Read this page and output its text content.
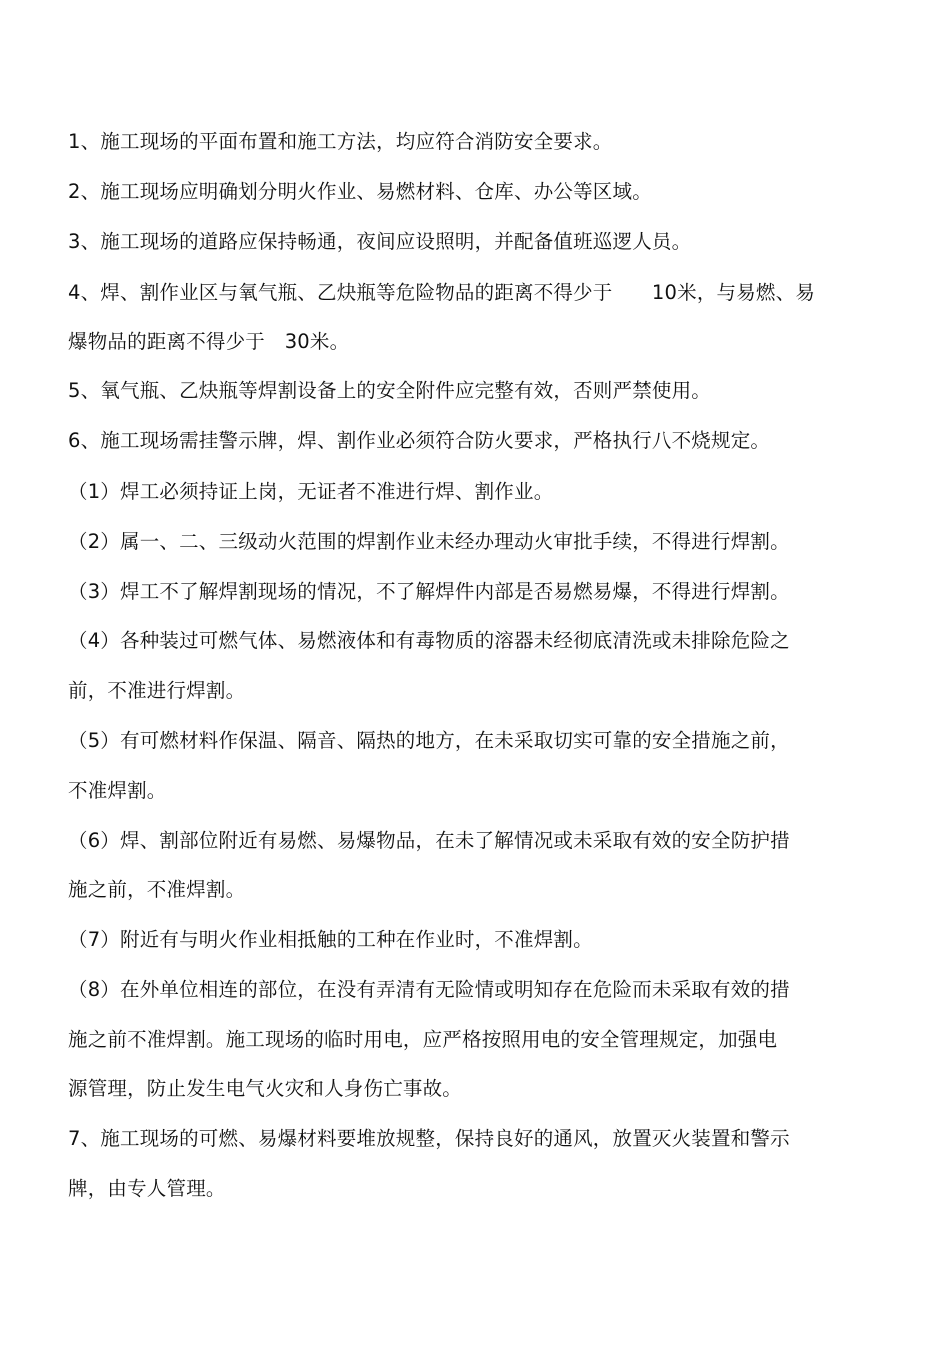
1、施工现场的平面布置和施工方法，均应符合消防安全要求。
2、施工现场应明确划分明火作业、易燃材料、仓库、办公等区域。
3、施工现场的道路应保持畅通，夜间应设照明，并配备值班巡逻人员。
4、焊、割作业区与氧气瓶、乙炔瓶等危险物品的距离不得少于　　10米，与易燃、易
爆物品的距离不得少于　30米。
5、氧气瓶、乙炔瓶等焊割设备上的安全附件应完整有效，否则严禁使用。
6、施工现场需挂警示牌，焊、割作业必须符合防火要求，严格执行八不烧规定。
（1）焊工必须持证上岗，无证者不准进行焊、割作业。
（2）属一、二、三级动火范围的焊割作业未经办理动火审批手续，不得进行焊割。
（3）焊工不了解焊割现场的情况，不了解焊件内部是否易燃易爆，不得进行焊割。
（4）各种装过可燃气体、易燃液体和有毒物质的溶器未经彻底清洗或未排除危险之
前，不准进行焊割。
（5）有可燃材料作保温、隔音、隔热的地方，在未采取切实可靠的安全措施之前，
不准焊割。
（6）焊、割部位附近有易燃、易爆物品，在未了解情况或未采取有效的安全防护措
施之前，不准焊割。
（7）附近有与明火作业相抵触的工种在作业时，不准焊割。
（8）在外单位相连的部位，在没有弄清有无险情或明知存在危险而未采取有效的措
施之前不准焊割。施工现场的临时用电，应严格按照用电的安全管理规定，加强电
源管理，防止发生电气火灾和人身伤亡事故。
7、施工现场的可燃、易爆材料要堆放规整，保持良好的通风，放置灭火装置和警示
牌，由专人管理。
